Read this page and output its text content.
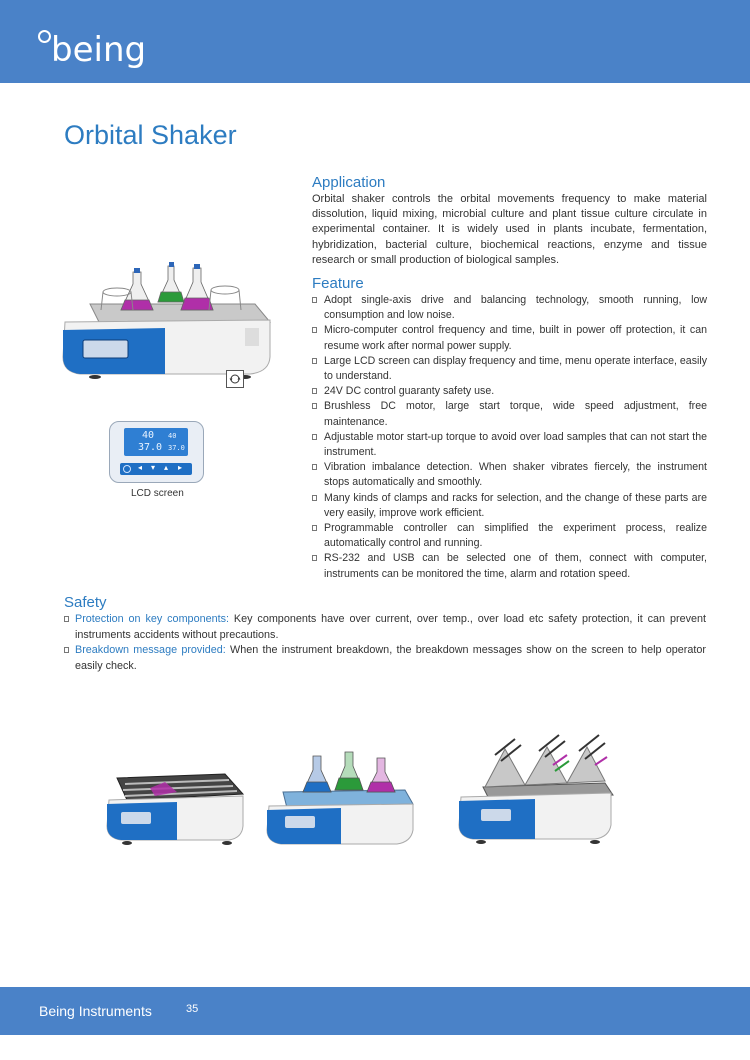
being
Orbital Shaker
Application

Orbital shaker controls the orbital movements frequency to make material dissolution, liquid mixing, microbial culture and plant tissue culture circulate in experimental container. It is widely used in plants incubate, fermentation, hybridization, bacterial culture, biochemical reactions, enzyme and tissue research or small production of biological samples.

Feature
Adopt single-axis drive and balancing technology, smooth running, low consumption and low noise.
Micro-computer control frequency and time, built in power off protection, it can resume work after normal power supply.
Large LCD screen can display frequency and time, menu operate interface, easily to understand.
24V DC control guaranty safety use.
Brushless DC motor, large start torque, wide speed adjustment, free maintenance.
Adjustable motor start-up torque to avoid over load samples that can not start the instrument.
Vibration imbalance detection. When shaker vibrates fiercely, the instrument stops automatically and smoothly.
Many kinds of clamps and racks for selection, and the change of these parts are very easily, improve work efficient.
Programmable controller can simplified the experiment process, realize automatically control and running.
RS-232 and USB can be selected one of them, connect with computer, instruments can be monitored the time, alarm and rotation speed.
40 40
37.0 37.0
◂ ▾ ▴ ▸
LCD screen
Safety
Protection on key components: Key components have over current, over temp., over load etc safety protection, it can prevent instruments accidents without precautions.
Breakdown message provided: When the instrument breakdown, the breakdown messages show on the screen to help operator easily check.
Being Instruments	35
